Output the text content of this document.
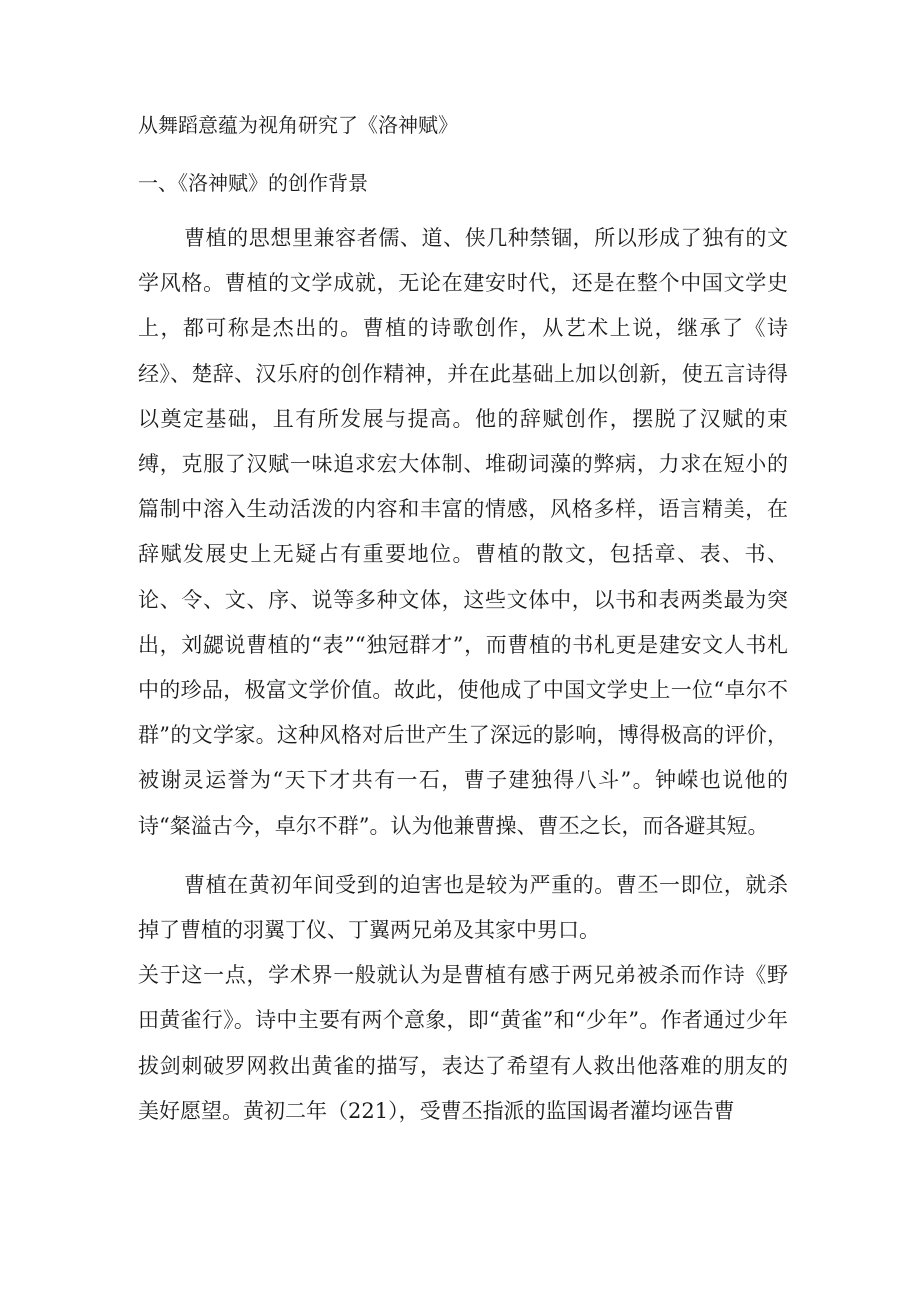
从舞蹈意蕴为视角研究了《洛神赋》

一、《洛神赋》的创作背景

曹植的思想里兼容者儒、道、侠几种禁锢，所以形成了独有的文学风格。曹植的文学成就，无论在建安时代，还是在整个中国文学史上，都可称是杰出的。曹植的诗歌创作，从艺术上说，继承了《诗经》、楚辞、汉乐府的创作精神，并在此基础上加以创新，使五言诗得以奠定基础，且有所发展与提高。他的辞赋创作，摆脱了汉赋的束缚，克服了汉赋一味追求宏大体制、堆砌词藻的弊病，力求在短小的篇制中溶入生动活泼的内容和丰富的情感，风格多样，语言精美，在辞赋发展史上无疑占有重要地位。曹植的散文，包括章、表、书、论、令、文、序、说等多种文体，这些文体中，以书和表两类最为突出，刘勰说曹植的“表”“独冠群才”，而曹植的书札更是建安文人书札中的珍品，极富文学价值。故此，使他成了中国文学史上一位“卓尔不群”的文学家。这种风格对后世产生了深远的影响，博得极高的评价，被谢灵运誉为“天下才共有一石，曹子建独得八斗”。钟嵘也说他的诗“粲溢古今，卓尔不群”。认为他兼曹操、曹丕之长，而各避其短。

曹植在黄初年间受到的迫害也是较为严重的。曹丕一即位，就杀掉了曹植的羽翼丁仪、丁翼两兄弟及其家中男口。

关于这一点，学术界一般就认为是曹植有感于两兄弟被杀而作诗《野田黄雀行》。诗中主要有两个意象，即“黄雀”和“少年”。作者通过少年拔剑刺破罗网救出黄雀的描写，表达了希望有人救出他落难的朋友的美好愿望。黄初二年（221），受曹丕指派的监国谒者灌均诬告曹
